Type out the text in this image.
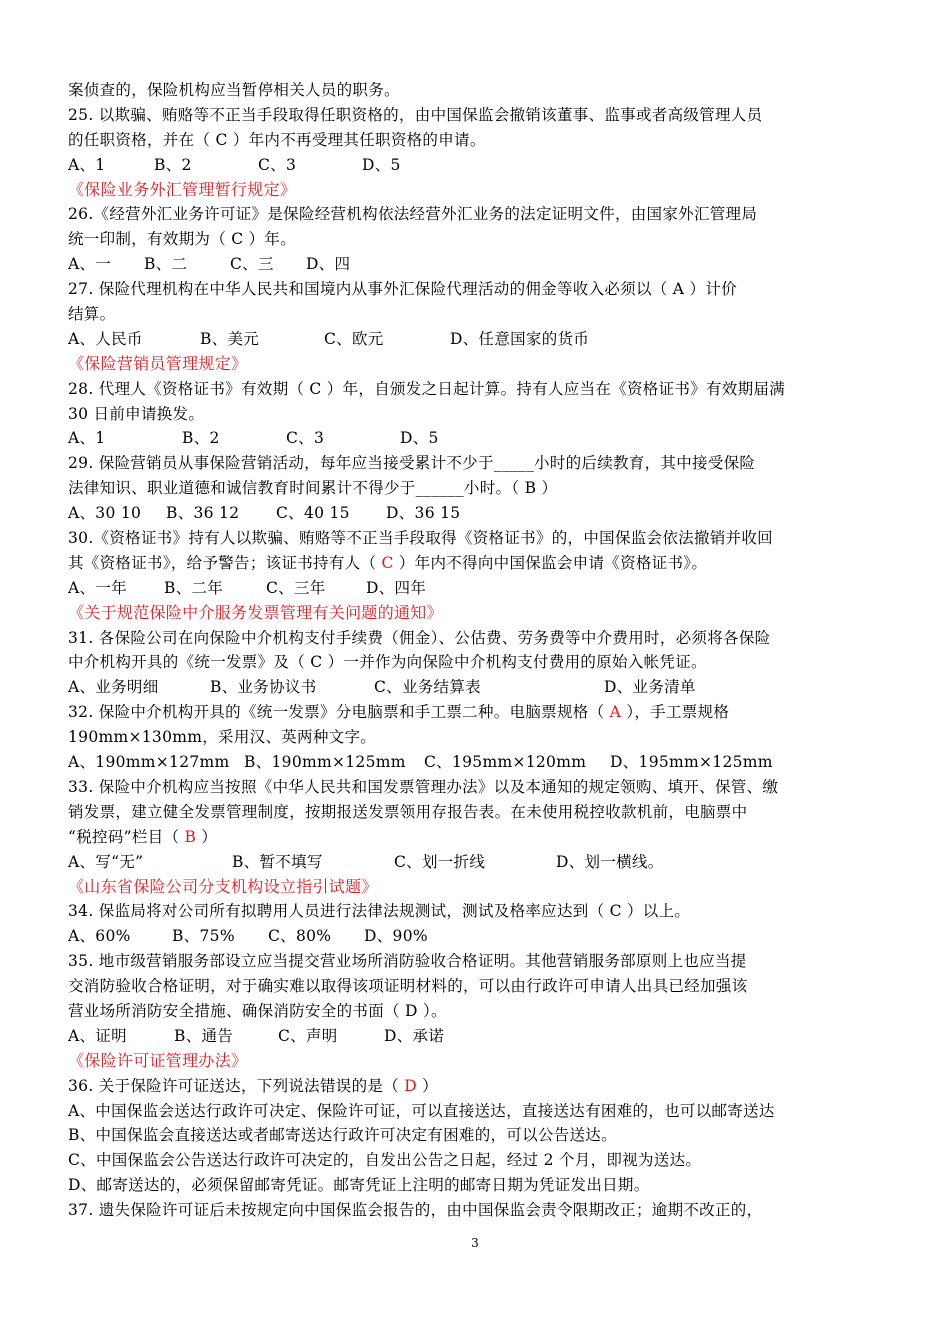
案侦查的，保险机构应当暂停相关人员的职务。
25. 以欺骗、贿赂等不正当手段取得任职资格的，由中国保监会撤销该董事、监事或者高级管理人员
的任职资格，并在（ C ）年内不再受理其任职资格的申请。
A、1	B、2	C、3	D、5
《保险业务外汇管理暂行规定》
26.《经营外汇业务许可证》是保险经营机构依法经营外汇业务的法定证明文件，由国家外汇管理局
统一印制，有效期为（ C ）年。
A、一	B、二	C、三	D、四
27. 保险代理机构在中华人民共和国境内从事外汇保险代理活动的佣金等收入必须以（ A ）计价
结算。
A、人民币	B、美元	C、欧元	D、任意国家的货币
《保险营销员管理规定》
28. 代理人《资格证书》有效期（ C ）年，自颁发之日起计算。持有人应当在《资格证书》有效期届满
30 日前申请换发。
A、1	B、2	C、3	D、5
29. 保险营销员从事保险营销活动，每年应当接受累计不少于_____小时的后续教育，其中接受保险
法律知识、职业道德和诚信教育时间累计不得少于______小时。（ B ）
A、30 10	B、36 12	C、40 15	D、36 15
30.《资格证书》持有人以欺骗、贿赂等不正当手段取得《资格证书》的，中国保监会依法撤销并收回
其《资格证书》，给予警告；该证书持有人（ C ）年内不得向中国保监会申请《资格证书》。
A、一年	B、二年	C、三年	D、四年
《关于规范保险中介服务发票管理有关问题的通知》
31. 各保险公司在向保险中介机构支付手续费（佣金）、公估费、劳务费等中介费用时，必须将各保险
中介机构开具的《统一发票》及（ C ）一并作为向保险中介机构支付费用的原始入帐凭证。
A、业务明细	B、业务协议书	C、业务结算表	D、业务清单
32. 保险中介机构开具的《统一发票》分电脑票和手工票二种。电脑票规格（ A ），手工票规格
190mm×130mm，采用汉、英两种文字。
A、190mm×127mm B、190mm×125mm	C、195mm×120mm	D、195mm×125mm
33. 保险中介机构应当按照《中华人民共和国发票管理办法》以及本通知的规定领购、填开、保管、缴
销发票，建立健全发票管理制度，按期报送发票领用存报告表。在未使用税控收款机前，电脑票中
“税控码”栏目（ B ）
A、写“无”	B、暂不填写	C、划一折线	D、划一横线。
《山东省保险公司分支机构设立指引试题》
34. 保监局将对公司所有拟聘用人员进行法律法规测试，测试及格率应达到（ C ）以上。
A、60%	B、75%	C、80%	D、90%
35. 地市级营销服务部设立应当提交营业场所消防验收合格证明。其他营销服务部原则上也应当提
交消防验收合格证明，对于确实难以取得该项证明材料的，可以由行政许可申请人出具已经加强该
营业场所消防安全措施、确保消防安全的书面（ D ）。
A、证明	B、通告	C、声明	D、承诺
《保险许可证管理办法》
36. 关于保险许可证送达，下列说法错误的是（ D ）
A、中国保监会送达行政许可决定、保险许可证，可以直接送达，直接送达有困难的，也可以邮寄送达
B、中国保监会直接送达或者邮寄送达行政许可决定有困难的，可以公告送达。
C、中国保监会公告送达行政许可决定的，自发出公告之日起，经过 2 个月，即视为送达。
D、邮寄送达的，必须保留邮寄凭证。邮寄凭证上注明的邮寄日期为凭证发出日期。
37. 遗失保险许可证后未按规定向中国保监会报告的，由中国保监会责令限期改正；逾期不改正的，
3
